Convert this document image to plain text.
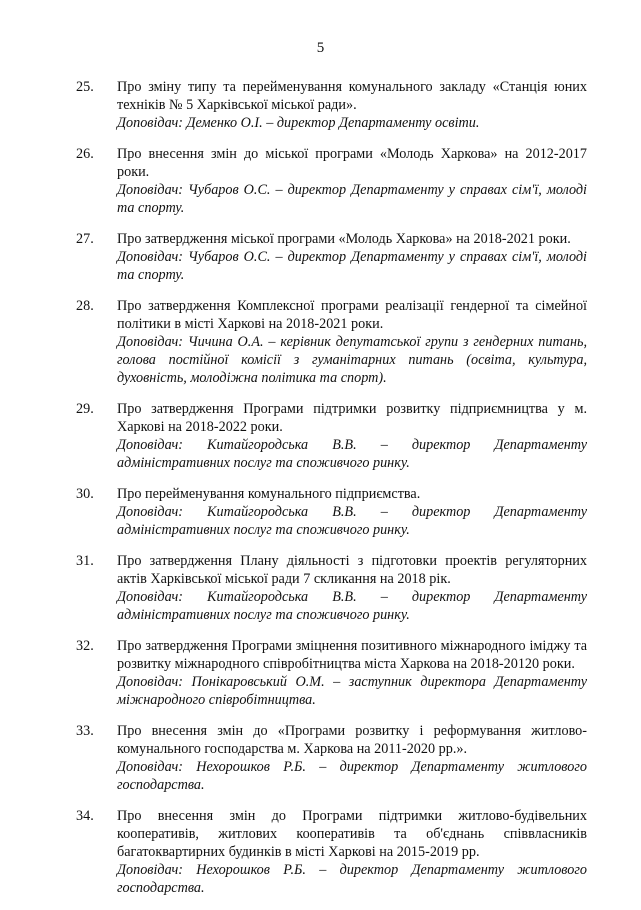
5
25.	Про зміну типу та перейменування комунального закладу «Станція юних техніків № 5 Харківської міської ради».
Доповідач: Деменко О.І. – директор Департаменту освіти.
26.	Про внесення змін до міської програми «Молодь Харкова» на 2012-2017 роки.
Доповідач: Чубаров О.С. – директор Департаменту у справах сім'ї, молоді та спорту.
27.	Про затвердження міської програми «Молодь Харкова» на 2018-2021 роки.
Доповідач: Чубаров О.С. – директор Департаменту у справах сім'ї, молоді та спорту.
28.	Про затвердження Комплексної програми реалізації гендерної та сімейної політики в місті Харкові на 2018-2021 роки.
Доповідач: Чичина О.А. – керівник депутатської групи з гендерних питань, голова постійної комісії з гуманітарних питань (освіта, культура, духовність, молодіжна політика та спорт).
29.	Про затвердження Програми підтримки розвитку підприємництва у м. Харкові на 2018-2022 роки.
Доповідач: Китайгородська В.В. – директор Департаменту адміністративних послуг та споживчого ринку.
30.	Про перейменування комунального підприємства.
Доповідач: Китайгородська В.В. – директор Департаменту адміністративних послуг та споживчого ринку.
31.	Про затвердження Плану діяльності з підготовки проектів регуляторних актів Харківської міської ради 7 скликання на 2018 рік.
Доповідач: Китайгородська В.В. – директор Департаменту адміністративних послуг та споживчого ринку.
32.	Про затвердження Програми зміцнення позитивного міжнародного іміджу та розвитку міжнародного співробітництва міста Харкова на 2018-20120 роки.
Доповідач: Понікаровський О.М. – заступник директора Департаменту міжнародного співробітництва.
33.	Про внесення змін до «Програми розвитку і реформування житлово-комунального господарства м. Харкова на 2011-2020 рр.».
Доповідач: Нехорошков Р.Б. – директор Департаменту житлового господарства.
34.	Про внесення змін до Програми підтримки житлово-будівельних кооперативів, житлових кооперативів та об'єднань співвласників багатоквартирних будинків в місті Харкові на 2015-2019 рр.
Доповідач: Нехорошков Р.Б. – директор Департаменту житлового господарства.
